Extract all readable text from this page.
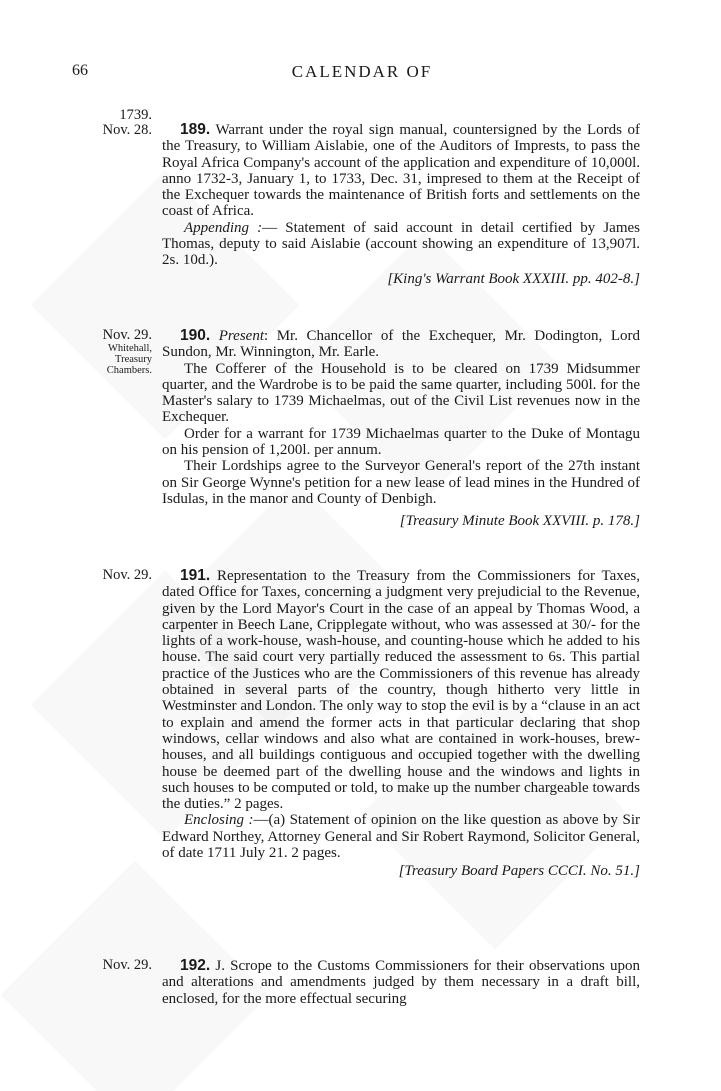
66	CALENDAR OF
1739.
Nov. 28.	189. Warrant under the royal sign manual, countersigned by the Lords of the Treasury, to William Aislabie, one of the Auditors of Imprests, to pass the Royal Africa Company's account of the application and expenditure of 10,000l. anno 1732-3, January 1, to 1733, Dec. 31, impresed to them at the Receipt of the Exchequer towards the maintenance of British forts and settlements on the coast of Africa.

Appending :— Statement of said account in detail certified by James Thomas, deputy to said Aislabie (account showing an expenditure of 13,907l. 2s. 10d.).

[King's Warrant Book XXXIII. pp. 402-8.]
Nov. 29.
Whitehall,
Treasury
Chambers.

190. Present: Mr. Chancellor of the Exchequer, Mr. Dodington, Lord Sundon, Mr. Winnington, Mr. Earle.

The Cofferer of the Household is to be cleared on 1739 Midsummer quarter, and the Wardrobe is to be paid the same quarter, including 500l. for the Master's salary to 1739 Michaelmas, out of the Civil List revenues now in the Exchequer.

Order for a warrant for 1739 Michaelmas quarter to the Duke of Montagu on his pension of 1,200l. per annum.

Their Lordships agree to the Surveyor General's report of the 27th instant on Sir George Wynne's petition for a new lease of lead mines in the Hundred of Isdulas, in the manor and County of Denbigh.

[Treasury Minute Book XXVIII. p. 178.]
Nov. 29.	191. Representation to the Treasury from the Commissioners for Taxes, dated Office for Taxes, concerning a judgment very prejudicial to the Revenue, given by the Lord Mayor's Court in the case of an appeal by Thomas Wood, a carpenter in Beech Lane, Cripplegate without, who was assessed at 30/- for the lights of a work-house, wash-house, and counting-house which he added to his house. The said court very partially reduced the assessment to 6s. This partial practice of the Justices who are the Commissioners of this revenue has already obtained in several parts of the country, though hitherto very little in Westminster and London. The only way to stop the evil is by a “clause in an act to explain and amend the former acts in that particular declaring that shop windows, cellar windows and also what are contained in work-houses, brew-houses, and all buildings contiguous and occupied together with the dwelling house be deemed part of the dwelling house and the windows and lights in such houses to be computed or told, to make up the number chargeable towards the duties.” 2 pages.

Enclosing :—(a) Statement of opinion on the like question as above by Sir Edward Northey, Attorney General and Sir Robert Raymond, Solicitor General, of date 1711 July 21. 2 pages.

[Treasury Board Papers CCCI. No. 51.]
Nov. 29.	192. J. Scrope to the Customs Commissioners for their observations upon and alterations and amendments judged by them necessary in a draft bill, enclosed, for the more effectual securing
